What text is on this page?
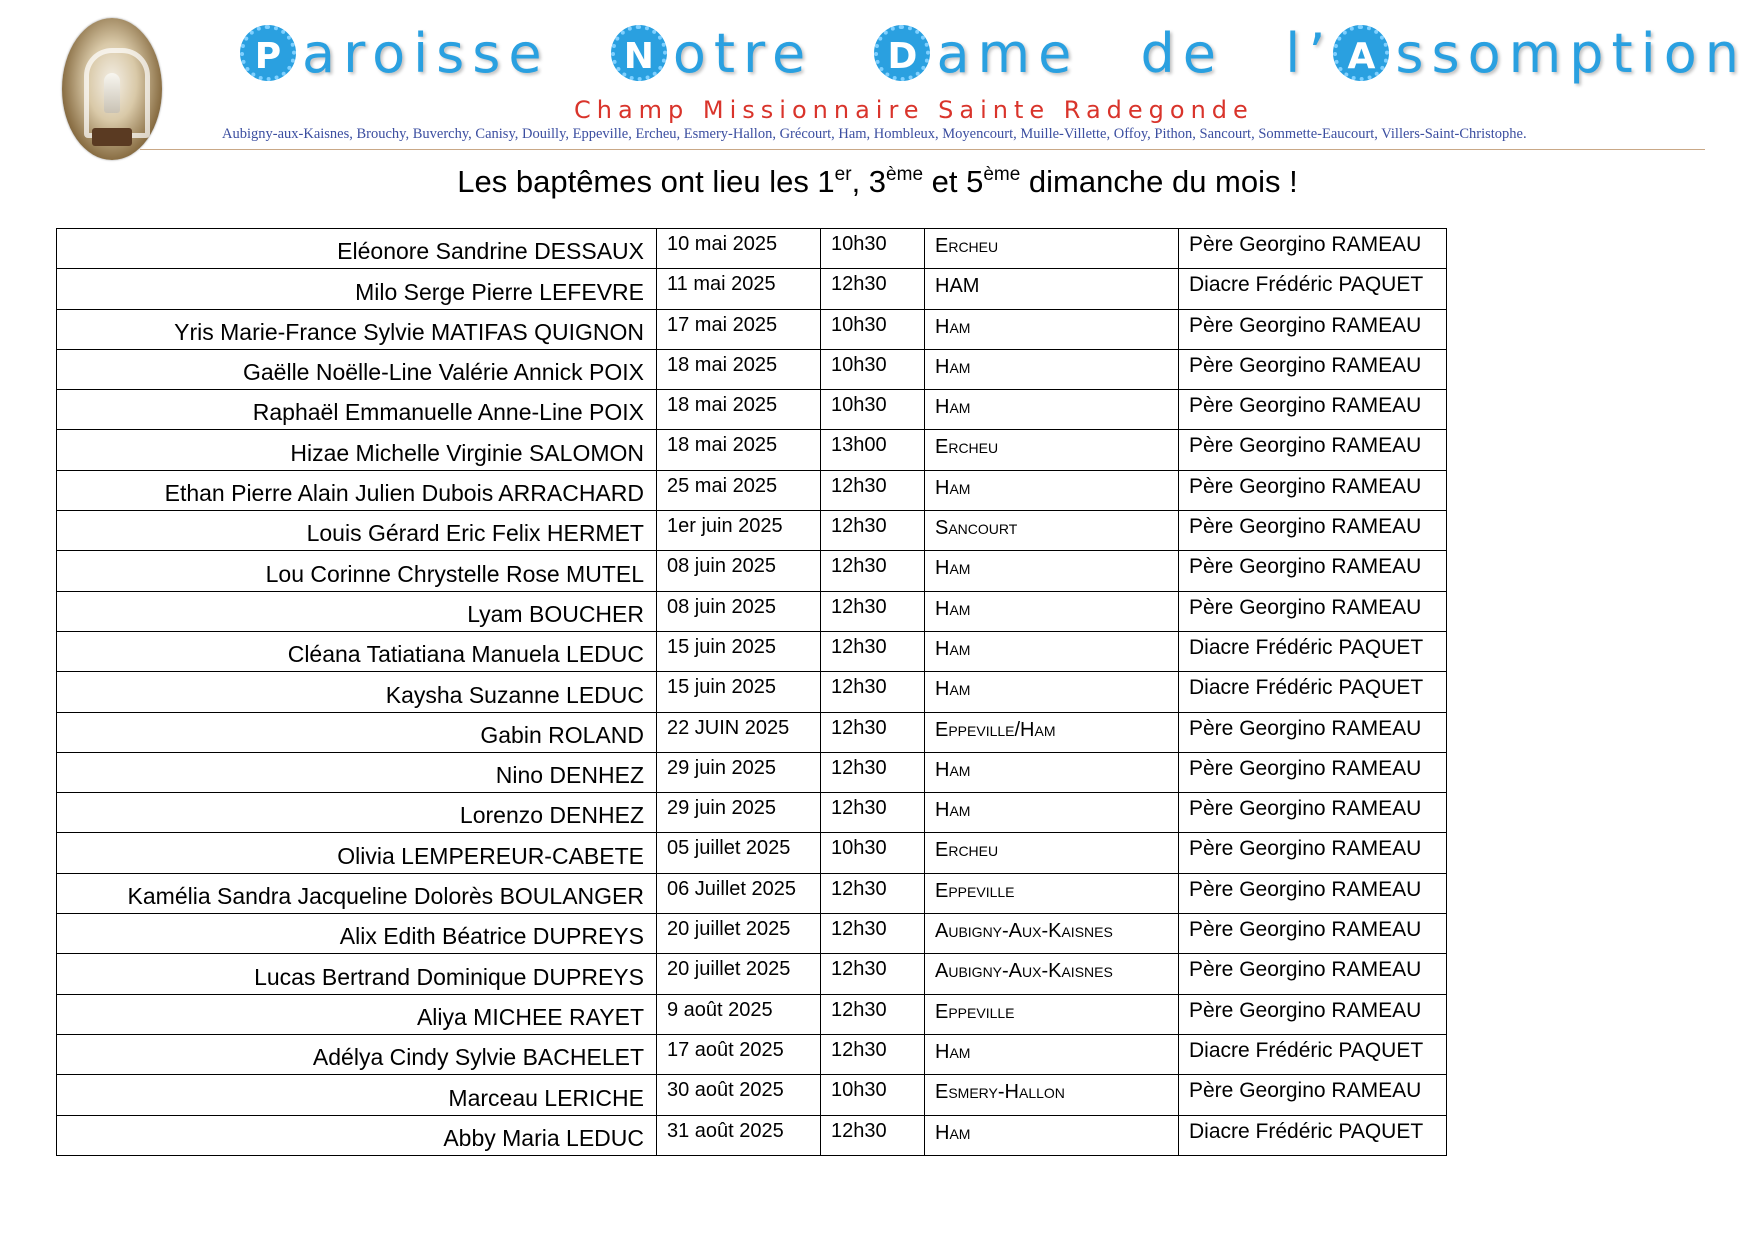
P aroisse N otre D ame de l’ A ssomption
Champ Missionnaire Sainte Radegonde
Aubigny-aux-Kaisnes, Brouchy, Buverchy, Canisy, Douilly, Eppeville, Ercheu, Esmery-Hallon, Grécourt, Ham, Hombleux, Moyencourt, Muille-Villette, Offoy, Pithon, Sancourt, Sommette-Eaucourt, Villers-Saint-Christophe.
Les baptêmes ont lieu les 1er, 3ème et 5ème dimanche du mois !
Eléonore Sandrine DESSAUX	10 mai 2025	10h30	Ercheu	Père Georgino RAMEAU
Milo Serge Pierre LEFEVRE	11 mai 2025	12h30	HAM	Diacre Frédéric PAQUET
Yris Marie-France Sylvie MATIFAS QUIGNON	17 mai 2025	10h30	Ham	Père Georgino RAMEAU
Gaëlle Noëlle-Line Valérie Annick POIX	18 mai 2025	10h30	Ham	Père Georgino RAMEAU
Raphaël Emmanuelle Anne-Line POIX	18 mai 2025	10h30	Ham	Père Georgino RAMEAU
Hizae Michelle Virginie SALOMON	18 mai 2025	13h00	Ercheu	Père Georgino RAMEAU
Ethan Pierre Alain Julien Dubois ARRACHARD	25 mai 2025	12h30	Ham	Père Georgino RAMEAU
Louis Gérard Eric Felix HERMET	1er juin 2025	12h30	Sancourt	Père Georgino RAMEAU
Lou Corinne Chrystelle Rose MUTEL	08 juin 2025	12h30	Ham	Père Georgino RAMEAU
Lyam BOUCHER	08 juin 2025	12h30	Ham	Père Georgino RAMEAU
Cléana Tatiatiana Manuela LEDUC	15 juin 2025	12h30	Ham	Diacre Frédéric PAQUET
Kaysha Suzanne LEDUC	15 juin 2025	12h30	Ham	Diacre Frédéric PAQUET
Gabin ROLAND	22 JUIN 2025	12h30	Eppeville/Ham	Père Georgino RAMEAU
Nino DENHEZ	29 juin 2025	12h30	Ham	Père Georgino RAMEAU
Lorenzo DENHEZ	29 juin 2025	12h30	Ham	Père Georgino RAMEAU
Olivia LEMPEREUR-CABETE	05 juillet 2025	10h30	Ercheu	Père Georgino RAMEAU
Kamélia Sandra Jacqueline Dolorès BOULANGER	06 Juillet 2025	12h30	Eppeville	Père Georgino RAMEAU
Alix Edith Béatrice DUPREYS	20 juillet 2025	12h30	Aubigny-Aux-Kaisnes	Père Georgino RAMEAU
Lucas Bertrand Dominique DUPREYS	20 juillet 2025	12h30	Aubigny-Aux-Kaisnes	Père Georgino RAMEAU
Aliya MICHEE RAYET	9 août 2025	12h30	Eppeville	Père Georgino RAMEAU
Adélya Cindy Sylvie BACHELET	17 août 2025	12h30	Ham	Diacre Frédéric PAQUET
Marceau LERICHE	30 août 2025	10h30	Esmery-Hallon	Père Georgino RAMEAU
Abby Maria LEDUC	31 août 2025	12h30	Ham	Diacre Frédéric PAQUET
